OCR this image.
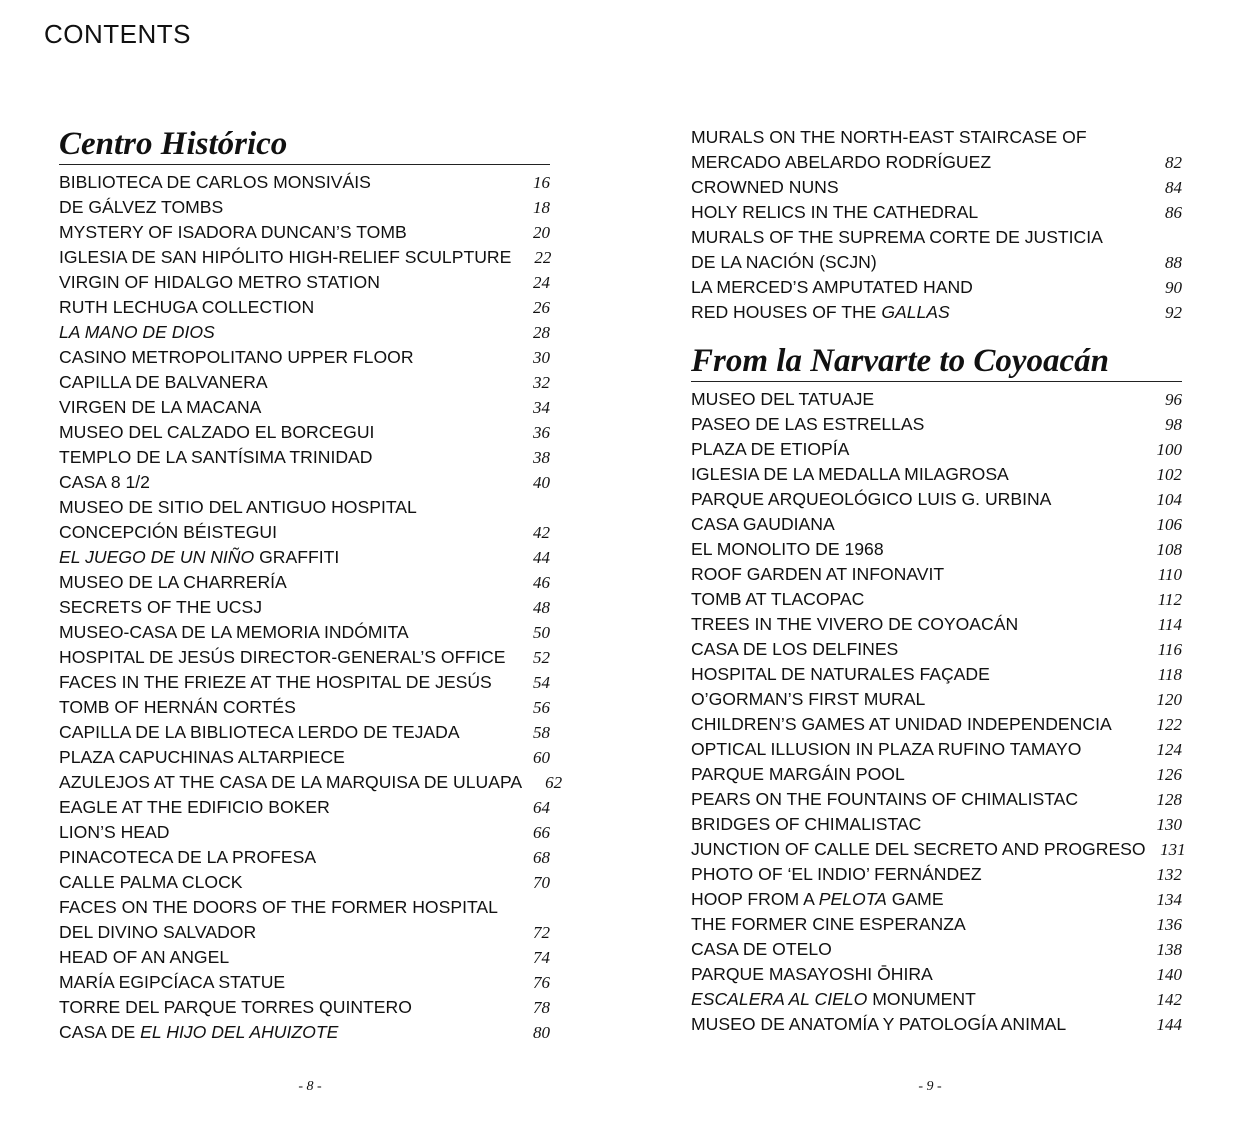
CONTENTS
Centro Histórico
BIBLIOTECA DE CARLOS MONSIVÁIS	16
DE GÁLVEZ TOMBS	18
MYSTERY OF ISADORA DUNCAN’S TOMB	20
IGLESIA DE SAN HIPÓLITO HIGH-RELIEF SCULPTURE	22
VIRGIN OF HIDALGO METRO STATION	24
RUTH LECHUGA COLLECTION	26
LA MANO DE DIOS	28
CASINO METROPOLITANO UPPER FLOOR	30
CAPILLA DE BALVANERA	32
VIRGEN DE LA MACANA	34
MUSEO DEL CALZADO EL BORCEGUI	36
TEMPLO DE LA SANTÍSIMA TRINIDAD	38
CASA 8 1/2	40
MUSEO DE SITIO DEL ANTIGUO HOSPITAL
CONCEPCIÓN BÉISTEGUI	42
EL JUEGO DE UN NIÑO GRAFFITI	44
MUSEO DE LA CHARRERÍA	46
SECRETS OF THE UCSJ	48
MUSEO-CASA DE LA MEMORIA INDÓMITA	50
HOSPITAL DE JESÚS DIRECTOR-GENERAL’S OFFICE	52
FACES IN THE FRIEZE AT THE HOSPITAL DE JESÚS	54
TOMB OF HERNÁN CORTÉS	56
CAPILLA DE LA BIBLIOTECA LERDO DE TEJADA	58
PLAZA CAPUCHINAS ALTARPIECE	60
AZULEJOS AT THE CASA DE LA MARQUISA DE ULUAPA	62
EAGLE AT THE EDIFICIO BOKER	64
LION’S HEAD	66
PINACOTECA DE LA PROFESA	68
CALLE PALMA CLOCK	70
FACES ON THE DOORS OF THE FORMER HOSPITAL
DEL DIVINO SALVADOR	72
HEAD OF AN ANGEL	74
MARÍA EGIPCÍACA STATUE	76
TORRE DEL PARQUE TORRES QUINTERO	78
CASA DE EL HIJO DEL AHUIZOTE	80
MURALS ON THE NORTH-EAST STAIRCASE OF
MERCADO ABELARDO RODRÍGUEZ	82
CROWNED NUNS	84
HOLY RELICS IN THE CATHEDRAL	86
MURALS OF THE SUPREMA CORTE DE JUSTICIA
DE LA NACIÓN (SCJN)	88
LA MERCED’S AMPUTATED HAND	90
RED HOUSES OF THE GALLAS	92
From la Narvarte to Coyoacán
MUSEO DEL TATUAJE	96
PASEO DE LAS ESTRELLAS	98
PLAZA DE ETIOPÍA	100
IGLESIA DE LA MEDALLA MILAGROSA	102
PARQUE ARQUEOLÓGICO LUIS G. URBINA	104
CASA GAUDIANA	106
EL MONOLITO DE 1968	108
ROOF GARDEN AT INFONAVIT	110
TOMB AT TLACOPAC	112
TREES IN THE VIVERO DE COYOACÁN	114
CASA DE LOS DELFINES	116
HOSPITAL DE NATURALES FAÇADE	118
O’GORMAN’S FIRST MURAL	120
CHILDREN’S GAMES AT UNIDAD INDEPENDENCIA	122
OPTICAL ILLUSION IN PLAZA RUFINO TAMAYO	124
PARQUE MARGÁIN POOL	126
PEARS ON THE FOUNTAINS OF CHIMALISTAC	128
BRIDGES OF CHIMALISTAC	130
JUNCTION OF CALLE DEL SECRETO AND PROGRESO 131
PHOTO OF ‘EL INDIO’ FERNÁNDEZ	132
HOOP FROM A PELOTA GAME	134
THE FORMER CINE ESPERANZA	136
CASA DE OTELO	138
PARQUE MASAYOSHI ŌHIRA	140
ESCALERA AL CIELO MONUMENT	142
MUSEO DE ANATOMÍA Y PATOLOGÍA ANIMAL	144
- 8 -	- 9 -
